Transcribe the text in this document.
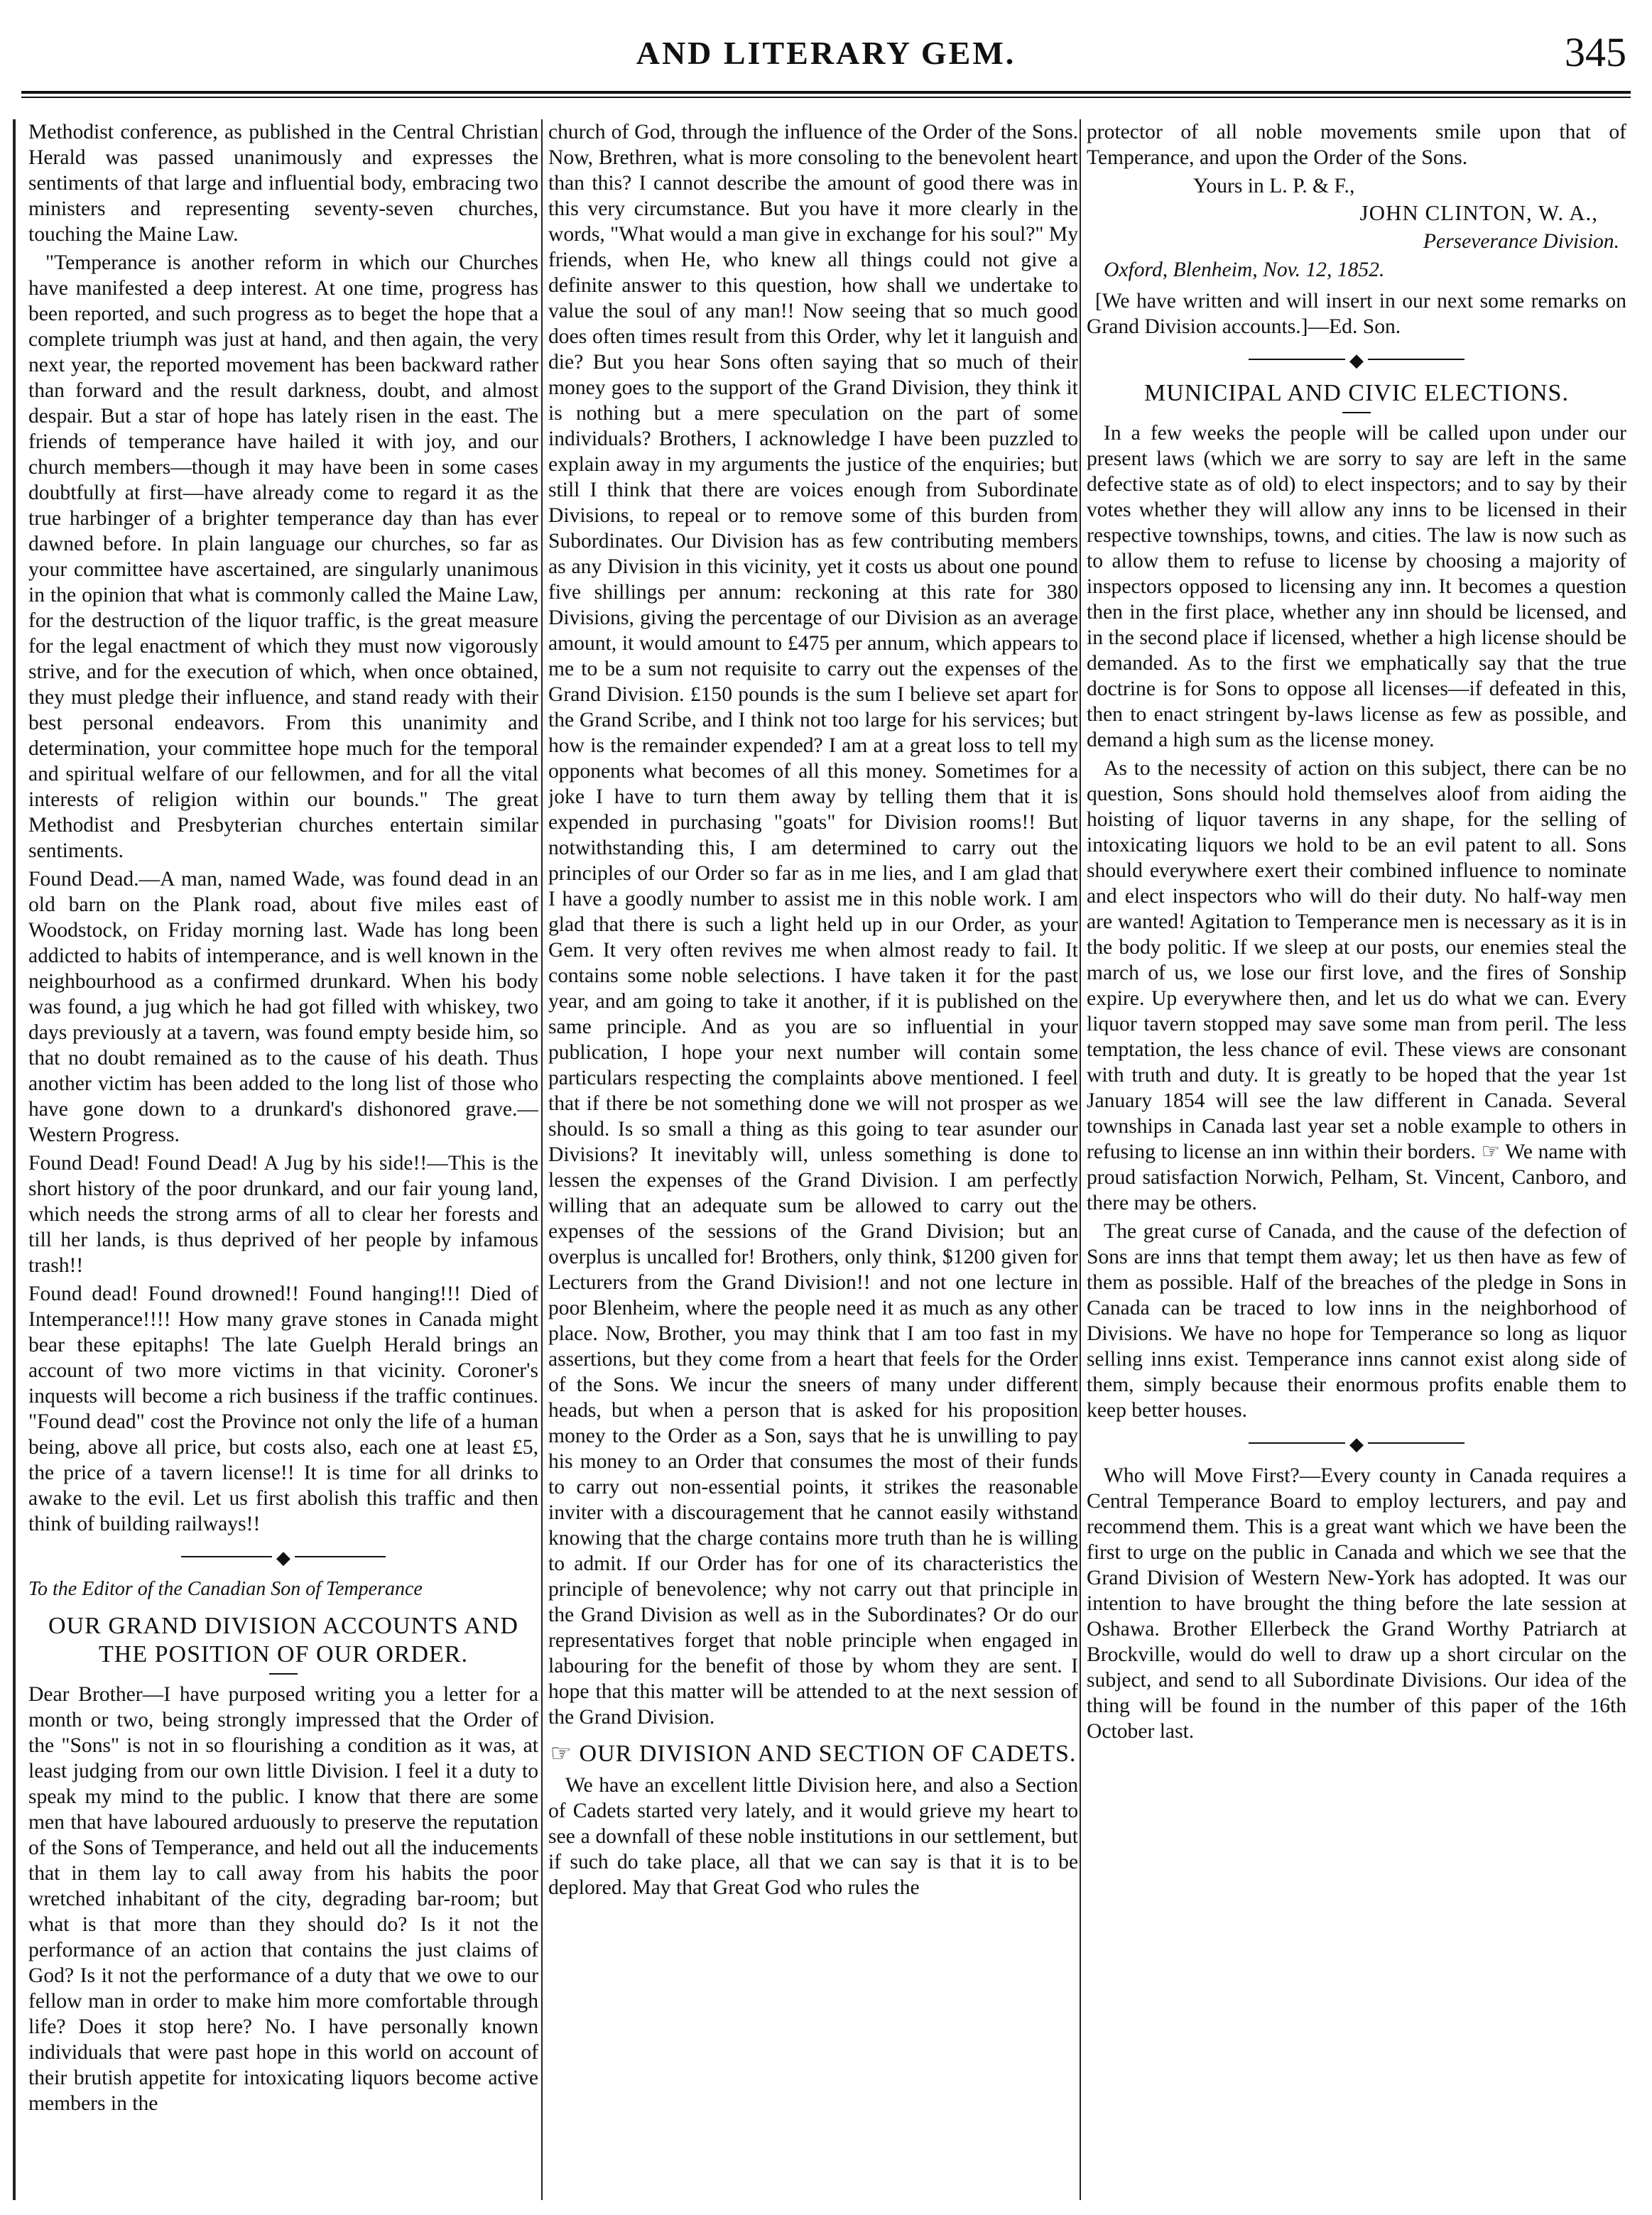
AND LITERARY GEM.	345

Methodist conference, as published in the Central Christian Herald was passed unanimously and expresses the sentiments of that large and influential body, embracing two ministers and representing seventy-seven churches, touching the Maine Law.

"Temperance is another reform in which our Churches have manifested a deep interest. At one time, progress has been reported, and such progress as to beget the hope that a complete triumph was just at hand, and then again, the very next year, the reported movement has been backward rather than forward and the result darkness, doubt, and almost despair. But a star of hope has lately risen in the east. The friends of temperance have hailed it with joy, and our church members—though it may have been in some cases doubtfully at first—have already come to regard it as the true harbinger of a brighter temperance day than has ever dawned before. In plain language our churches, so far as your committee have ascertained, are singularly unanimous in the opinion that what is commonly called the Maine Law, for the destruction of the liquor traffic, is the great measure for the legal enactment of which they must now vigorously strive, and for the execution of which, when once obtained, they must pledge their influence, and stand ready with their best personal endeavors. From this unanimity and determination, your committee hope much for the temporal and spiritual welfare of our fellowmen, and for all the vital interests of religion within our bounds." The great Methodist and Presbyterian churches entertain similar sentiments.

Found Dead.—A man, named Wade, was found dead in an old barn on the Plank road, about five miles east of Woodstock, on Friday morning last. Wade has long been addicted to habits of intemperance, and is well known in the neighbourhood as a confirmed drunkard. When his body was found, a jug which he had got filled with whiskey, two days previously at a tavern, was found empty beside him, so that no doubt remained as to the cause of his death. Thus another victim has been added to the long list of those who have gone down to a drunkard's dishonored grave.—Western Progress.

Found Dead! Found Dead! A Jug by his side!!—This is the short history of the poor drunkard, and our fair young land, which needs the strong arms of all to clear her forests and till her lands, is thus deprived of her people by infamous trash!!

Found dead! Found drowned!! Found hanging!!! Died of Intemperance!!!! How many grave stones in Canada might bear these epitaphs! The late Guelph Herald brings an account of two more victims in that vicinity. Coroner's inquests will become a rich business if the traffic continues. "Found dead" cost the Province not only the life of a human being, above all price, but costs also, each one at least £5, the price of a tavern license!! It is time for all drinks to awake to the evil. Let us first abolish this traffic and then think of building railways!!

◆
To the Editor of the Canadian Son of Temperance
OUR GRAND DIVISION ACCOUNTS AND THE POSITION OF OUR ORDER.

Dear Brother—I have purposed writing you a letter for a month or two, being strongly impressed that the Order of the "Sons" is not in so flourishing a condition as it was, at least judging from our own little Division. I feel it a duty to speak my mind to the public. I know that there are some men that have laboured arduously to preserve the reputation of the Sons of Temperance, and held out all the inducements that in them lay to call away from his habits the poor wretched inhabitant of the city, degrading bar-room; but what is that more than they should do? Is it not the performance of an action that contains the just claims of God? Is it not the performance of a duty that we owe to our fellow man in order to make him more comfortable through life? Does it stop here? No. I have personally known individuals that were past hope in this world on account of their brutish appetite for intoxicating liquors become active members in the

church of God, through the influence of the Order of the Sons. Now, Brethren, what is more consoling to the benevolent heart than this? I cannot describe the amount of good there was in this very circumstance. But you have it more clearly in the words, "What would a man give in exchange for his soul?" My friends, when He, who knew all things could not give a definite answer to this question, how shall we undertake to value the soul of any man!! Now seeing that so much good does often times result from this Order, why let it languish and die? But you hear Sons often saying that so much of their money goes to the support of the Grand Division, they think it is nothing but a mere speculation on the part of some individuals? Brothers, I acknowledge I have been puzzled to explain away in my arguments the justice of the enquiries; but still I think that there are voices enough from Subordinate Divisions, to repeal or to remove some of this burden from Subordinates. Our Division has as few contributing members as any Division in this vicinity, yet it costs us about one pound five shillings per annum: reckoning at this rate for 380 Divisions, giving the percentage of our Division as an average amount, it would amount to £475 per annum, which appears to me to be a sum not requisite to carry out the expenses of the Grand Division. £150 pounds is the sum I believe set apart for the Grand Scribe, and I think not too large for his services; but how is the remainder expended? I am at a great loss to tell my opponents what becomes of all this money. Sometimes for a joke I have to turn them away by telling them that it is expended in purchasing "goats" for Division rooms!! But notwithstanding this, I am determined to carry out the principles of our Order so far as in me lies, and I am glad that I have a goodly number to assist me in this noble work. I am glad that there is such a light held up in our Order, as your Gem. It very often revives me when almost ready to fail. It contains some noble selections. I have taken it for the past year, and am going to take it another, if it is published on the same principle. And as you are so influential in your publication, I hope your next number will contain some particulars respecting the complaints above mentioned. I feel that if there be not something done we will not prosper as we should. Is so small a thing as this going to tear asunder our Divisions? It inevitably will, unless something is done to lessen the expenses of the Grand Division. I am perfectly willing that an adequate sum be allowed to carry out the expenses of the sessions of the Grand Division; but an overplus is uncalled for! Brothers, only think, $1200 given for Lecturers from the Grand Division!! and not one lecture in poor Blenheim, where the people need it as much as any other place. Now, Brother, you may think that I am too fast in my assertions, but they come from a heart that feels for the Order of the Sons. We incur the sneers of many under different heads, but when a person that is asked for his proposition money to the Order as a Son, says that he is unwilling to pay his money to an Order that consumes the most of their funds to carry out non-essential points, it strikes the reasonable inviter with a discouragement that he cannot easily withstand knowing that the charge contains more truth than he is willing to admit. If our Order has for one of its characteristics the principle of benevolence; why not carry out that principle in the Grand Division as well as in the Subordinates? Or do our representatives forget that noble principle when engaged in labouring for the benefit of those by whom they are sent. I hope that this matter will be attended to at the next session of the Grand Division.

☞ OUR DIVISION AND SECTION OF CADETS.

We have an excellent little Division here, and also a Section of Cadets started very lately, and it would grieve my heart to see a downfall of these noble institutions in our settlement, but if such do take place, all that we can say is that it is to be deplored. May that Great God who rules the

protector of all noble movements smile upon that of Temperance, and upon the Order of the Sons.

Yours in L. P. & F.,

JOHN CLINTON, W. A.,

Perseverance Division.

Oxford, Blenheim, Nov. 12, 1852.

[We have written and will insert in our next some remarks on Grand Division accounts.]—Ed. Son.

◆
MUNICIPAL AND CIVIC ELECTIONS.

In a few weeks the people will be called upon under our present laws (which we are sorry to say are left in the same defective state as of old) to elect inspectors; and to say by their votes whether they will allow any inns to be licensed in their respective townships, towns, and cities. The law is now such as to allow them to refuse to license by choosing a majority of inspectors opposed to licensing any inn. It becomes a question then in the first place, whether any inn should be licensed, and in the second place if licensed, whether a high license should be demanded. As to the first we emphatically say that the true doctrine is for Sons to oppose all licenses—if defeated in this, then to enact stringent by-laws license as few as possible, and demand a high sum as the license money.

As to the necessity of action on this subject, there can be no question, Sons should hold themselves aloof from aiding the hoisting of liquor taverns in any shape, for the selling of intoxicating liquors we hold to be an evil patent to all. Sons should everywhere exert their combined influence to nominate and elect inspectors who will do their duty. No half-way men are wanted! Agitation to Temperance men is necessary as it is in the body politic. If we sleep at our posts, our enemies steal the march of us, we lose our first love, and the fires of Sonship expire. Up everywhere then, and let us do what we can. Every liquor tavern stopped may save some man from peril. The less temptation, the less chance of evil. These views are consonant with truth and duty. It is greatly to be hoped that the year 1st January 1854 will see the law different in Canada. Several townships in Canada last year set a noble example to others in refusing to license an inn within their borders. ☞ We name with proud satisfaction Norwich, Pelham, St. Vincent, Canboro, and there may be others.

The great curse of Canada, and the cause of the defection of Sons are inns that tempt them away; let us then have as few of them as possible. Half of the breaches of the pledge in Sons in Canada can be traced to low inns in the neighborhood of Divisions. We have no hope for Temperance so long as liquor selling inns exist. Temperance inns cannot exist along side of them, simply because their enormous profits enable them to keep better houses.

◆

Who will Move First?—Every county in Canada requires a Central Temperance Board to employ lecturers, and pay and recommend them. This is a great want which we have been the first to urge on the public in Canada and which we see that the Grand Division of Western New-York has adopted. It was our intention to have brought the thing before the late session at Oshawa. Brother Ellerbeck the Grand Worthy Patriarch at Brockville, would do well to draw up a short circular on the subject, and send to all Subordinate Divisions. Our idea of the thing will be found in the number of this paper of the 16th October last.
